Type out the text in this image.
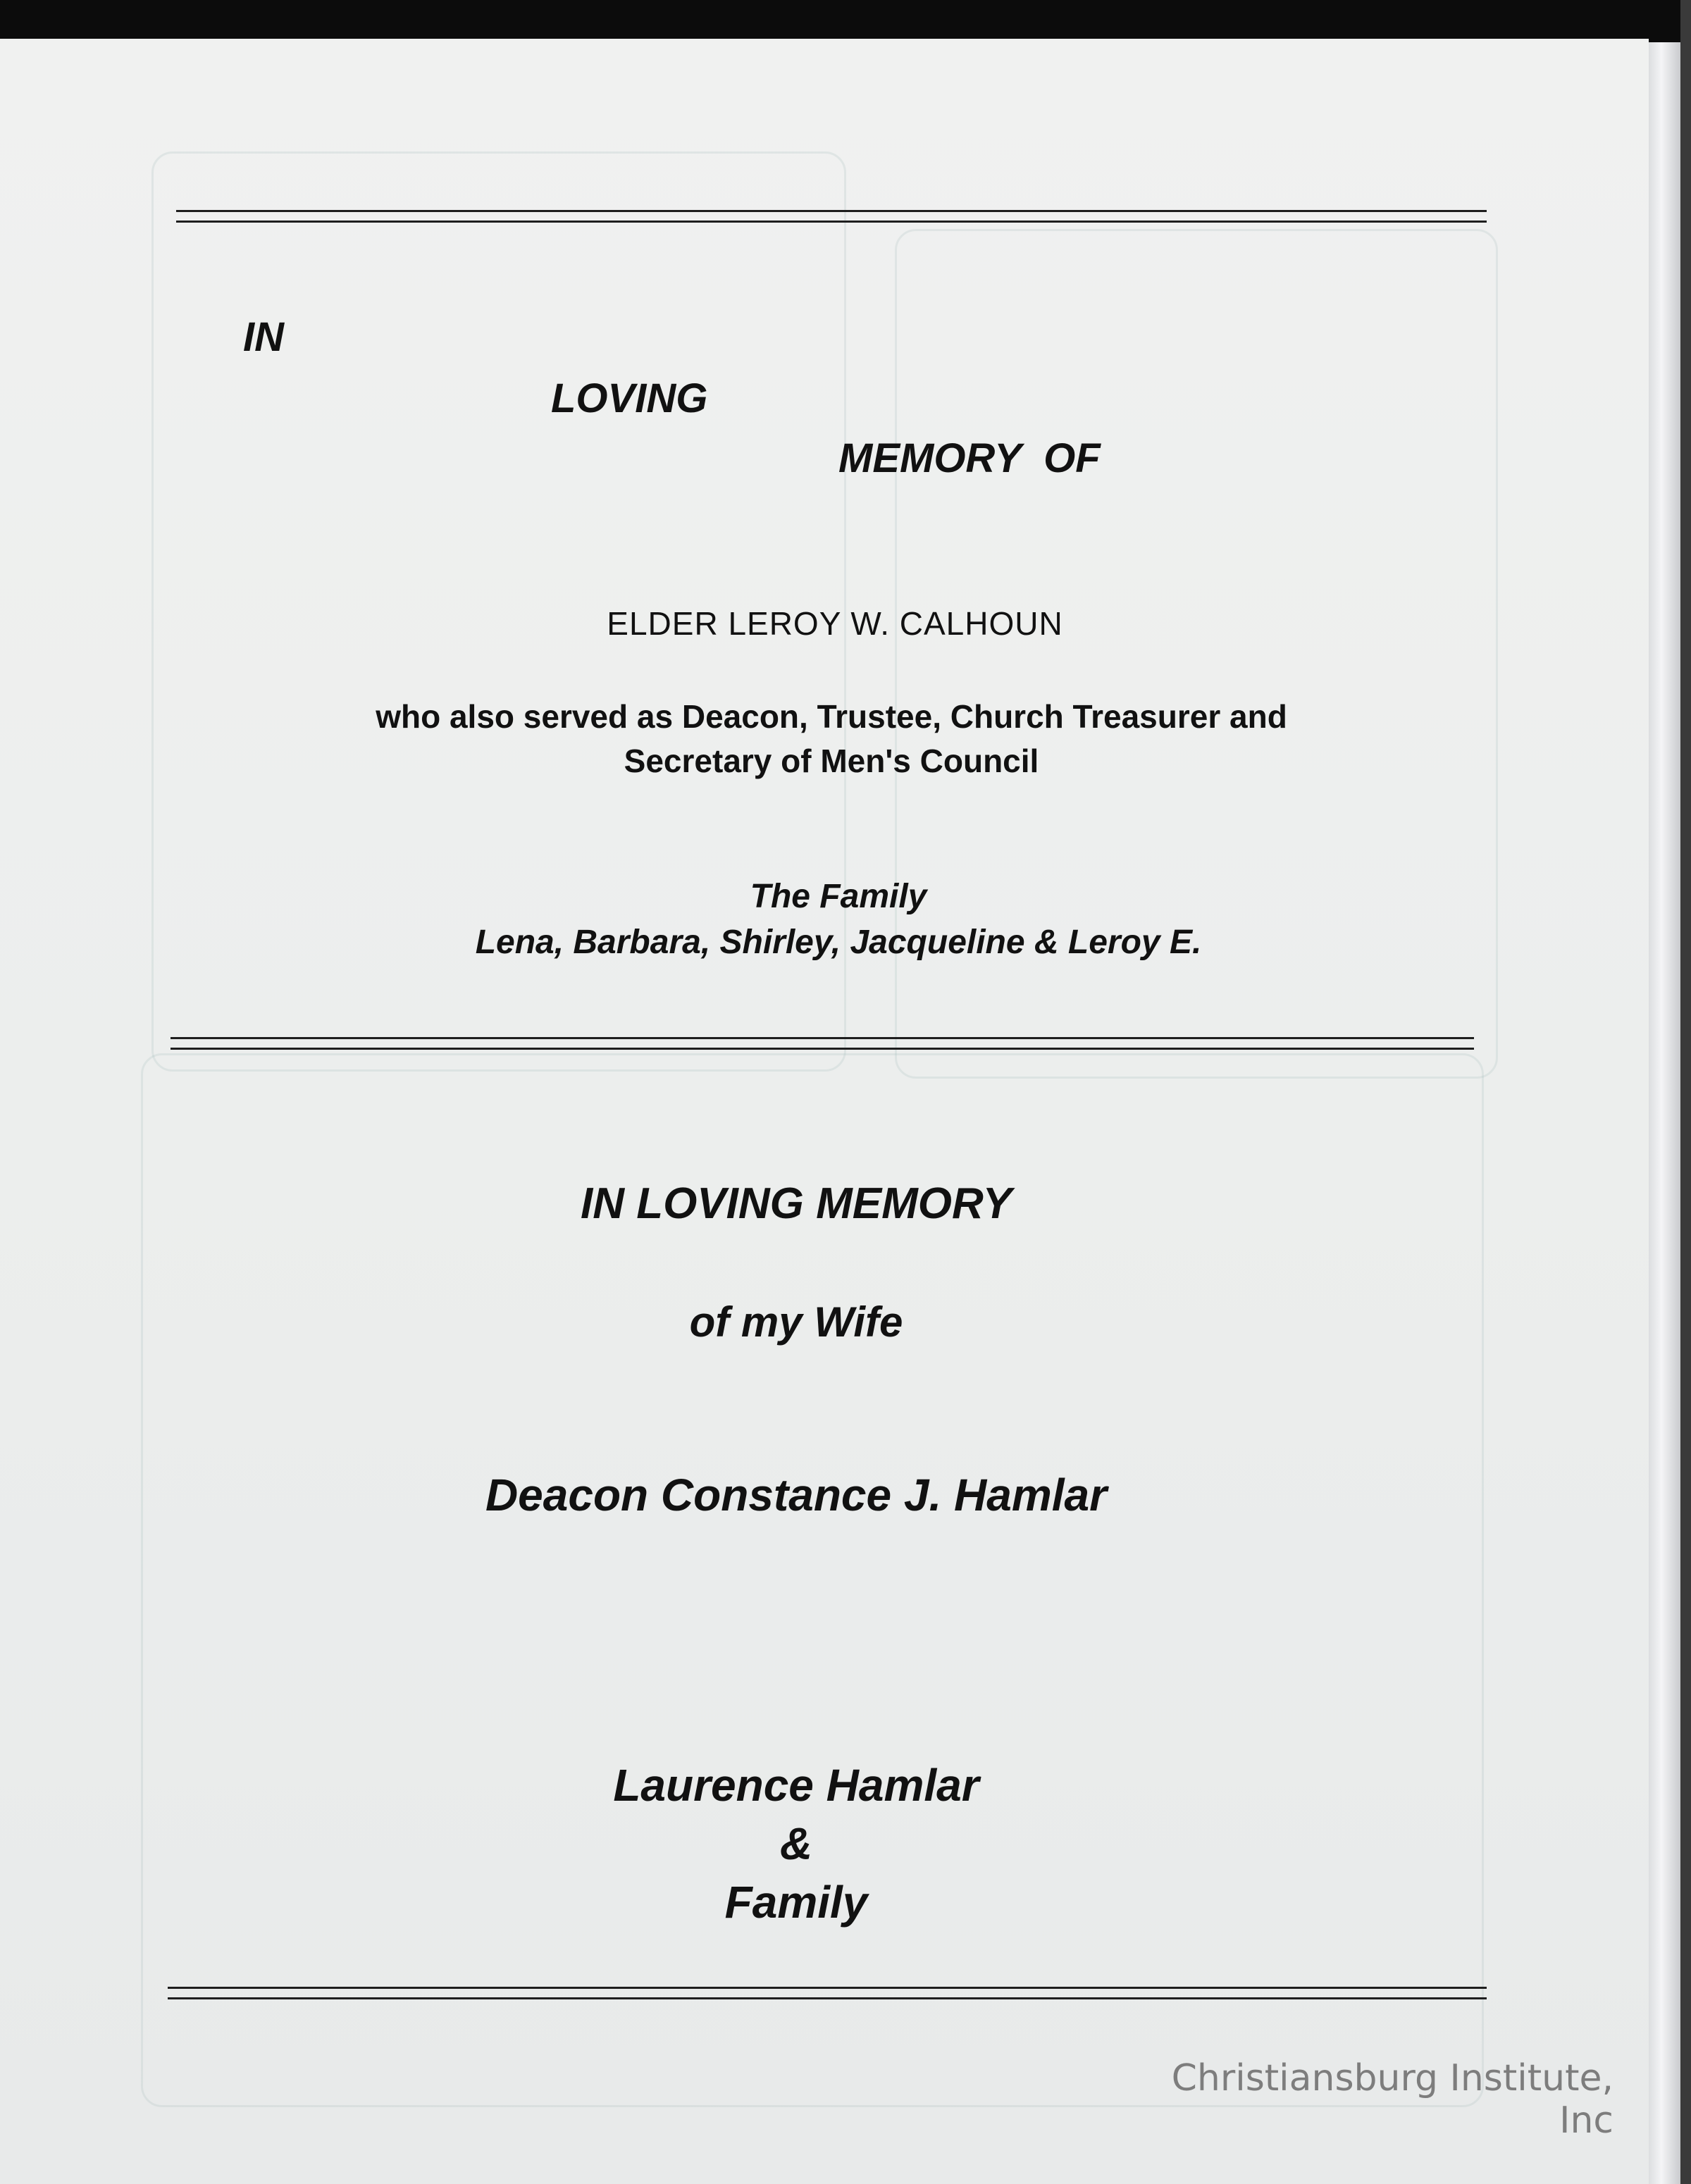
IN

LOVING

MEMORY  OF

ELDER LEROY W. CALHOUN

who also served as Deacon, Trustee, Church Treasurer and

Secretary of Men's Council

The Family

Lena, Barbara, Shirley, Jacqueline & Leroy E.

IN LOVING MEMORY

of my Wife

Deacon Constance J. Hamlar

Laurence Hamlar

&

Family

Christiansburg Institute, Inc
